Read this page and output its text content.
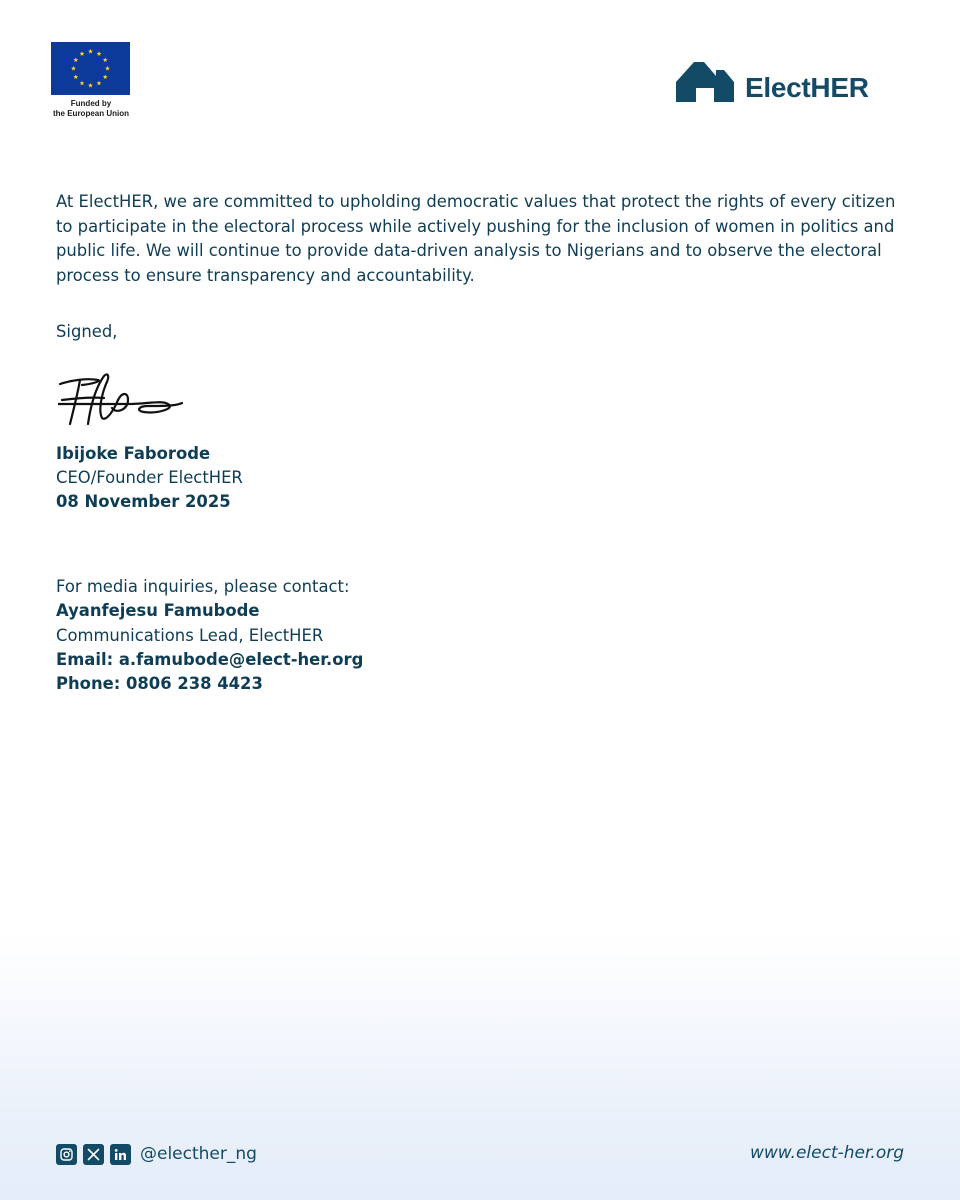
Funded by
the European Union
ElectHER
At ElectHER, we are committed to upholding democratic values that protect the rights of every citizen to participate in the electoral process while actively pushing for the inclusion of women in politics and public life. We will continue to provide data-driven analysis to Nigerians and to observe the electoral process to ensure transparency and accountability.
Signed,
Ibijoke Faborode
CEO/Founder ElectHER
08 November 2025
For media inquiries, please contact:
Ayanfejesu Famubode
Communications Lead, ElectHER
Email: a.famubode@elect-her.org
Phone: 0806 238 4423
@electher_ng	www.elect-her.org
